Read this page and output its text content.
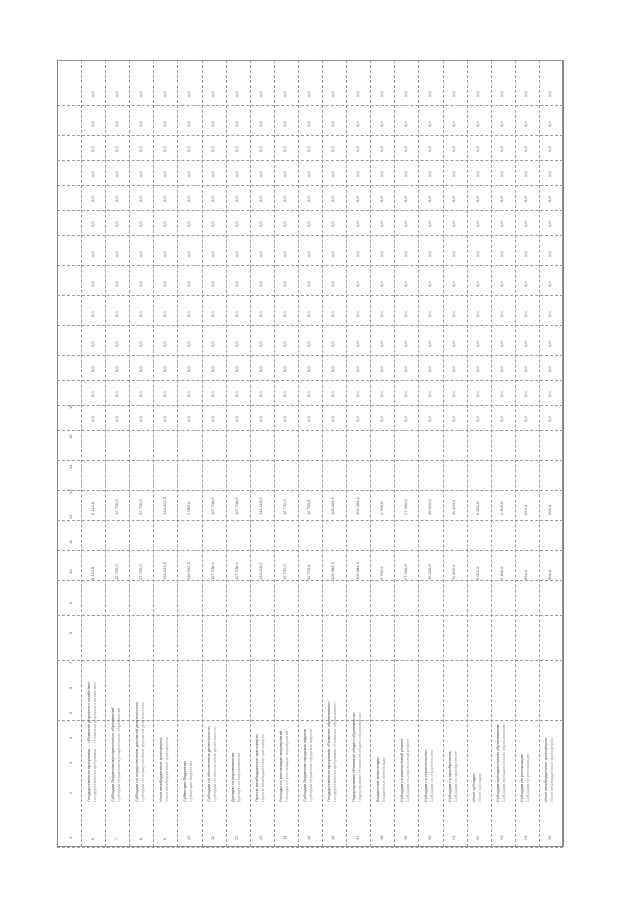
1
2
3
4
5
6
7
8
9
10
11
12
13
14
15
16
0,0
0,0
0,0
0,0
0,0
0,0
0,0
0,0
0,0
0,0
0,0
0,0
0,0
5 114,8
5 114,8
Государственная программа ... «Развитие дорожного хозяйства» Государственная программа ... «Развитие дорожного хозяйства»
6
0,0
0,0
0,0
0,0
0,0
0,0
0,0
0,0
0,0
0,0
0,0
0,0
0,0
12 755,0
12 755,0
Субсидии бюджетам муниципальных образований Субсидии бюджетам муниципальных образований
7
0,0
0,0
0,0
0,0
0,0
0,0
0,0
0,0
0,0
0,0
0,0
0,0
0,0
22 755,0
22 755,0
Субсидии на осуществление дорожной деятельности Субсидии на осуществление дорожной деятельности
8
0,0
0,0
0,0
0,0
0,0
0,0
0,0
0,0
0,0
0,0
0,0
0,0
0,0
134 021,0
134 021,0
Иные межбюджетные трансферты Иные межбюджетные трансферты
9
0,0
0,0
0,0
0,0
0,0
0,0
0,0
0,0
0,0
0,0
0,0
0,0
0,0
1 083,0
136 052,0
Субвенции бюджетам Субвенции бюджетам
10
0,0
0,0
0,0
0,0
0,0
0,0
0,0
0,0
0,0
0,0
0,0
0,0
0,0
117 248,0
117 248,0
Субсидии на обеспечение деятельности Субсидии на обеспечение деятельности
11
0,0
0,0
0,0
0,0
0,0
0,0
0,0
0,0
0,0
0,0
0,0
0,0
0,0
117 248,0
117 248,0
Дотации на выравнивание Дотации на выравнивание
12
0,0
0,0
0,0
0,0
0,0
0,0
0,0
0,0
0,0
0,0
0,0
0,0
0,0
134 110,0
134 110,0
Прочие межбюджетные трансферты Прочие межбюджетные трансферты
13
0,0
0,0
0,0
0,0
0,0
0,0
0,0
0,0
0,0
0,0
0,0
0,0
0,0
16 702,0
16 702,0
Расходы на реализацию мероприятий Расходы на реализацию мероприятий
14
0,0
0,0
0,0
0,0
0,0
0,0
0,0
0,0
0,0
0,0
0,0
0,0
0,0
11 793,0
11 793,0
Субсидии бюджетам городских округов Субсидии бюджетам городских округов
15
0,0
0,0
0,0
0,0
0,0
0,0
0,0
0,0
0,0
0,0
0,0
0,0
0,0
105 084,0
105 084,0
Государственная программа «Развитие образования» Государственная программа «Развитие образования»
16
0,0
0,0
0,0
0,0
0,0
0,0
0,0
0,0
0,0
0,0
0,0
0,0
0,0
105 084,0
105 084,0
Подпрограмма «Развитие общего образования» Подпрограмма «Развитие общего образования»
17
0,0
0,0
0,0
0,0
0,0
0,0
0,0
0,0
0,0
0,0
0,0
0,0
0,0
1 766,0
1 766,0
Бюджетные инвестиции Бюджетные инвестиции
18
0,0
0,0
0,0
0,0
0,0
0,0
0,0
0,0
0,0
0,0
0,0
0,0
0,0
27 000,0
27 000,0
Субсидии на капитальный ремонт Субсидии на капитальный ремонт
19
0,0
0,0
0,0
0,0
0,0
0,0
0,0
0,0
0,0
0,0
0,0
0,0
0,0
46 020,0
46 020,0
Субсидии на строительство Субсидии на строительство
20
0,0
0,0
0,0
0,0
0,0
0,0
0,0
0,0
0,0
0,0
0,0
0,0
0,0
11 493,0
11 493,0
Субсидии на приобретение Субсидии на приобретение
21
0,0
0,0
0,0
0,0
0,0
0,0
0,0
0,0
0,0
0,0
0,0
0,0
0,0
5 002,0
5 002,0
Иные субсидии Иные субсидии
22
0,0
0,0
0,0
0,0
0,0
0,0
0,0
0,0
0,0
0,0
0,0
0,0
0,0
2 405,0
2 405,0
Субсидии муниципальным образованиям Субсидии муниципальным образованиям
23
0,0
0,0
0,0
0,0
0,0
0,0
0,0
0,0
0,0
0,0
0,0
0,0
0,0
524,0
524,0
Субсидии на реализацию Субсидии на реализацию
24
0,0
0,0
0,0
0,0
0,0
0,0
0,0
0,0
0,0
0,0
0,0
0,0
0,0
504,0
504,0
Иные межбюджетные трансферты Иные межбюджетные трансферты
25
